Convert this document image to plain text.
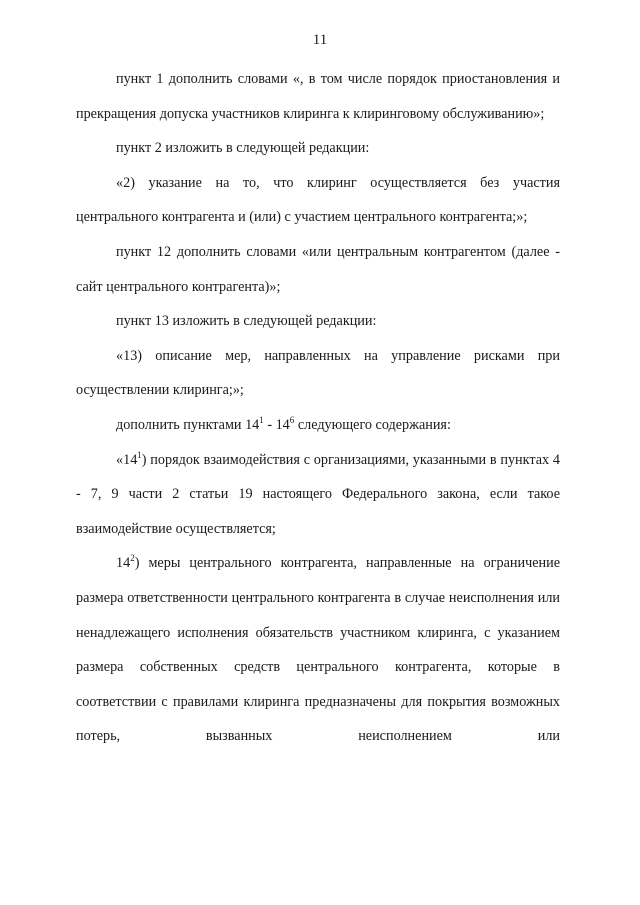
11

пункт 1 дополнить словами «, в том числе порядок приостановления и прекращения допуска участников клиринга к клиринговому обслуживанию»;

пункт 2 изложить в следующей редакции:

«2) указание на то, что клиринг осуществляется без участия центрального контрагента и (или) с участием центрального контрагента;»;

пункт 12 дополнить словами «или центральным контрагентом (далее - сайт центрального контрагента)»;

пункт 13 изложить в следующей редакции:

«13) описание мер, направленных на управление рисками при осуществлении клиринга;»;

дополнить пунктами $14^1 - 14^6$ следующего содержания:

«$14^1$) порядок взаимодействия с организациями, указанными в пунктах 4 - 7, 9 части 2 статьи 19 настоящего Федерального закона, если такое взаимодействие осуществляется;

$14^2$) меры центрального контрагента, направленные на ограничение размера ответственности центрального контрагента в случае неисполнения или ненадлежащего исполнения обязательств участником клиринга, с указанием размера собственных средств центрального контрагента, которые в соответствии с правилами клиринга предназначены для покрытия возможных потерь, вызванных неисполнением или
